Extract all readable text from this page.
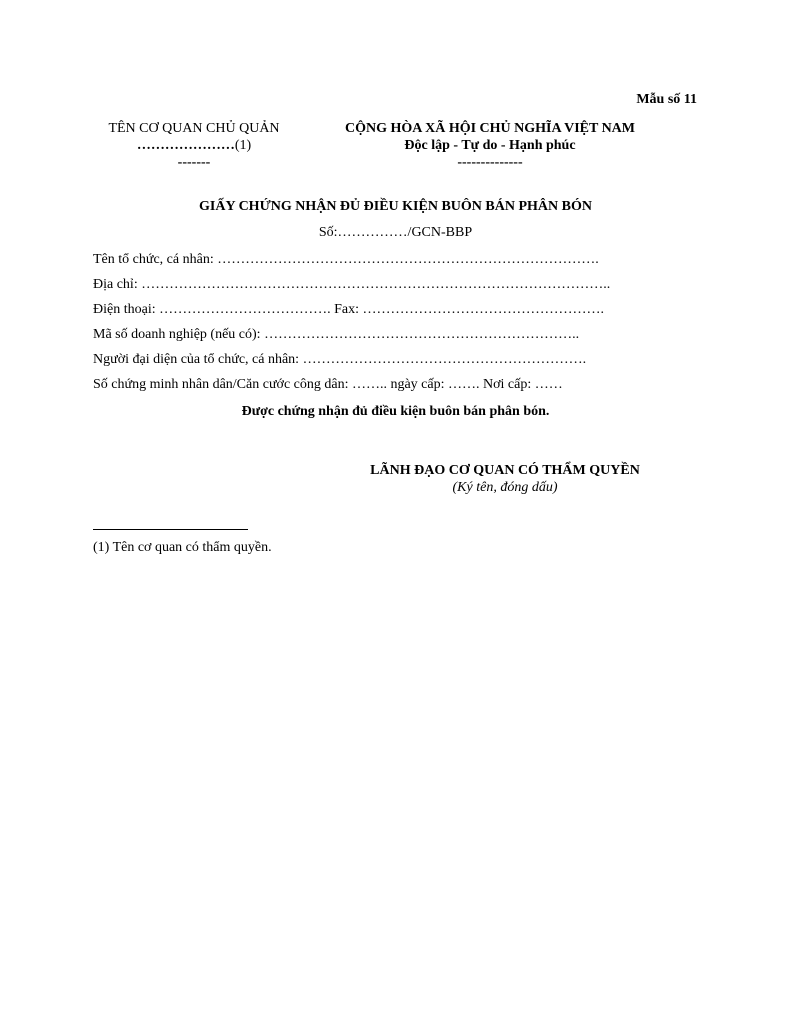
Mẫu số 11
TÊN CƠ QUAN CHỦ QUẢN
…………………(1)
-------
CỘNG HÒA XÃ HỘI CHỦ NGHĨA VIỆT NAM
Độc lập - Tự do - Hạnh phúc
--------------
GIẤY CHỨNG NHẬN ĐỦ ĐIỀU KIỆN BUÔN BÁN PHÂN BÓN
Số:……………/GCN-BBP
Tên tổ chức, cá nhân: ……………………………………………………………………….
Địa chỉ: ………………………………………………………………………………………..
Điện thoại: ………………………………. Fax: …………………………………………….
Mã số doanh nghiệp (nếu có): …………………………………………………………..
Người đại diện của tổ chức, cá nhân: …………………………………………………….
Số chứng minh nhân dân/Căn cước công dân: …….. ngày cấp: ……. Nơi cấp: ……
Được chứng nhận đủ điều kiện buôn bán phân bón.
LÃNH ĐẠO CƠ QUAN CÓ THẨM QUYỀN
(Ký tên, đóng dấu)
(1) Tên cơ quan có thẩm quyền.
